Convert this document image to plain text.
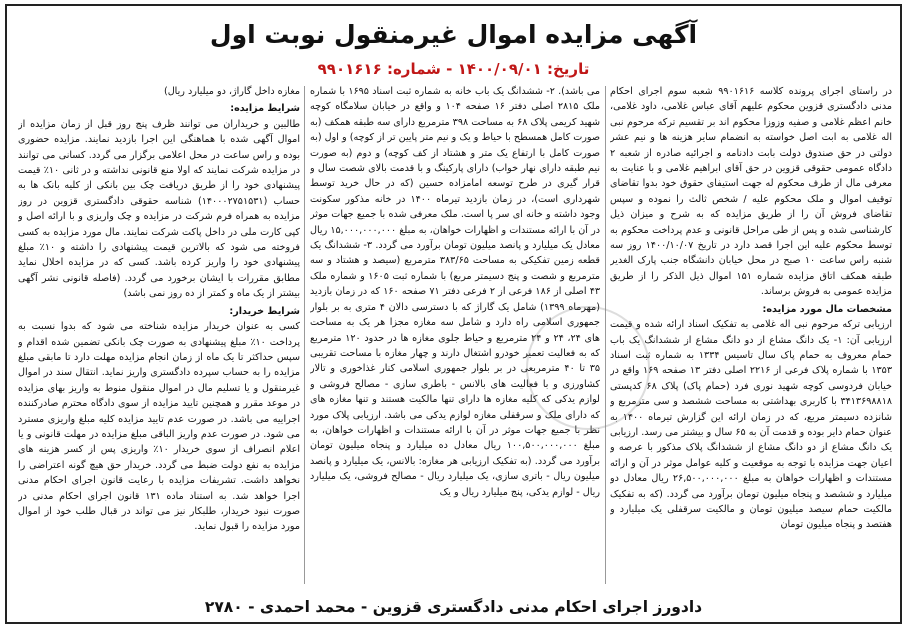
آگهی مزایده اموال غیرمنقول نوبت اول
تاریخ: ۱۴۰۰/۰۹/۰۱ - شماره: ۹۹۰۱۶۱۶

در راستای اجرای پرونده کلاسه ۹۹۰۱۶۱۶ شعبه سوم اجرای احکام مدنی دادگستری قزوین محکوم علیهم آقای عباس غلامی، داود غلامی، خانم اعظم غلامی و صفیه وزوزا محکوم اند بر تقسیم ترکه مرحوم نبی اله غلامی به ابت اصل خواسته به انضمام سایر هزینه ها و نیم عشر دولتی در حق صندوق دولت بابت دادنامه و اجرائیه صادره از شعبه ۲ دادگاه عمومی حقوقی قزوین در حق آقای ابراهیم غلامی و با عنایت به معرفی مال از طرف محکوم له جهت استیفای حقوق خود بدوا تقاضای توقیف اموال و ملک محکوم علیه / شخص ثالث را نموده و سپس تقاضای فروش آن را از طریق مزایده که به شرح و میزان ذیل کارشناسی شده و پس از طی مراحل قانونی و عدم پرداخت محکوم به توسط محکوم علیه این اجرا قصد دارد در تاریخ ۱۴۰۰/۱۰/۰۷ روز سه شنبه راس ساعت ۱۰ صبح در محل خیابان دانشگاه جنب پارک الغدیر طبقه همکف اتاق مزایده شماره ۱۵۱ اموال ذیل الذکر را از طریق مزایده عمومی به فروش برساند.

مشخصات مال مورد مزایده:

ارزیابی ترکه مرحوم نبی اله غلامی به تفکیک اسناد ارائه شده و قیمت ارزیابی آن: ۱- یک دانگ مشاع از دو دانگ مشاع از ششدانگ یک باب حمام معروف به حمام پاک سال تاسیس ۱۳۳۴ به شماره ثبت اسناد ۱۳۵۳ با شماره پلاک فرعی از ۲۲۱۶ اصلی دفتر ۱۳ صفحه ۱۶۹ واقع در خیابان فردوسی کوچه شهید نوری فرد (حمام پاک) پلاک ۶۸ کدپستی ۳۴۱۳۶۹۸۸۱۸ با کاربری بهداشتی به مساحت ششصد و سی مترمربع و شانزده دسیمتر مربع، که در زمان ارائه این گزارش تیرماه ۱۴۰۰ به عنوان حمام دایر بوده و قدمت آن به ۶۵ سال و بیشتر می رسد. ارزیابی یک دانگ مشاع از دو دانگ مشاع از ششدانگ پلاک مذکور با عرصه و اعیان جهت مزایده با توجه به موقعیت و کلیه عوامل موثر در آن و ارائه مستندات و اظهارات خواهان به مبلغ ۲۶,۵۰۰,۰۰۰,۰۰۰ ریال معادل دو میلیارد و ششصد و پنجاه میلیون تومان برآورد می گردد. (که به تفکیک مالکیت حمام سیصد میلیون تومان و مالکیت سرقفلی یک میلیارد و هفتصد و پنجاه میلیون تومان

می باشد). ۲- ششدانگ یک باب خانه به شماره ثبت اسناد ۱۶۹۵ با شماره ملک ۲۸۱۵ اصلی دفتر ۱۶ صفحه ۱۰۴ و واقع در خیابان سلامگاه کوچه شهید کریمی پلاک ۶۸ به مساحت ۳۹۸ مترمربع دارای سه طبقه همکف (به صورت کامل همسطح با حیاط و یک و نیم متر پایین تر از کوچه) و اول (به صورت کامل با ارتفاع یک متر و هشتاد از کف کوچه) و دوم (به صورت نیم طبقه دارای نهار خواب) دارای پارکینگ و با قدمت بالای شصت سال و قرار گیری در طرح توسعه امامزاده حسین (که در حال خرید توسط شهرداری است)، در زمان بازدید تیرماه ۱۴۰۰ در خانه مذکور سکونت وجود داشته و خانه ای سر پا است. ملک معرفی شده با جمیع جهات موثر در آن با ارائه مستندات و اظهارات خواهان، به مبلغ ۱۵,۰۰۰,۰۰۰,۰۰۰ ریال معادل یک میلیارد و پانصد میلیون تومان برآورد می گردد. ۳- ششدانگ یک قطعه زمین تفکیکی به مساحت ۳۸۳/۶۵ مترمربع (سیصد و هشتاد و سه مترمربع و شصت و پنج دسیمتر مربع) با شماره ثبت ۱۶۰۵ و شماره ملک ۴۳ اصلی از ۱۸۶ فرعی از ۲ فرعی دفتر ۷۱ صفحه ۱۶۰ که در زمان بازدید (مهرماه ۱۳۹۹) شامل یک گاراژ که با دسترسی دالان ۴ متری به بر بلوار جمهوری اسلامی راه دارد و شامل سه مغازه مجزا هر یک به مساحت های ۲۴، ۲۴ و ۲۴ مترمربع و حیاط جلوی مغازه ها در حدود ۱۲۰ مترمربع که به فعالیت تعمیر خودرو اشتغال دارند و چهار مغازه با مساحت تقریبی ۳۵ تا ۴۰ مترمربعی در بر بلوار جمهوری اسلامی کنار غذاخوری و تالار کشاورزی و با فعالیت های بالانس - باطری سازی - مصالح فروشی و لوازم یدکی که کلیه مغازه ها دارای تنها مالکیت هستند و تنها مغازه های که دارای ملک و سرقفلی مغازه لوازم یدکی می باشد. ارزیابی پلاک مورد نظر با جمیع جهات موثر در آن با ارائه مستندات و اظهارات خواهان، به مبلغ ۱۰۰,۵۰۰,۰۰۰,۰۰۰ ریال معادل ده میلیارد و پنجاه میلیون تومان برآورد می گردد. (به تفکیک ارزیابی هر مغازه: بالانس، یک میلیارد و پانصد میلیون ریال - باتری سازی، یک میلیارد ریال - مصالح فروشی، یک میلیارد ریال - لوازم یدکی، پنج میلیارد ریال و یک

مغازه داخل گاراژ، دو میلیارد ریال)

شرایط مزایده:

طالبین و خریداران می توانند ظرف پنج روز قبل از زمان مزایده از اموال آگهی شده با هماهنگی این اجرا بازدید نمایند. مزایده حضوری بوده و راس ساعت در محل اعلامی برگزار می گردد. کسانی می توانند در مزایده شرکت نمایند که اولا منع قانونی نداشته و در ثانی ۱۰٪ قیمت پیشنهادی خود را از طریق دریافت چک بین بانکی از کلیه بانک ها به حساب (۱۴۰۰۰۲۷۵۱۵۳۱) شناسه حقوقی دادگستری قزوین در روز مزایده به همراه فرم شرکت در مزایده و چک واریزی و با ارائه اصل و کپی کارت ملی در داخل پاکت شرکت نمایند. مال مورد مزایده به کسی فروخته می شود که بالاترین قیمت پیشنهادی را داشته و ۱۰٪ مبلغ پیشنهادی خود را واریز کرده باشد. کسی که در مزایده اخلال نماید مطابق مقررات با ایشان برخورد می گردد. (فاصله قانونی نشر آگهی بیشتر از یک ماه و کمتر از ده روز نمی باشد)

شرایط خریدار:

کسی به عنوان خریدار مزایده شناخته می شود که بدوا نسبت به پرداخت ۱۰٪ مبلغ پیشنهادی به صورت چک بانکی تضمین شده اقدام و سپس حداکثر تا یک ماه از زمان انجام مزایده مهلت دارد تا مابقی مبلغ مزایده را به حساب سپرده دادگستری واریز نماید. انتقال سند در اموال غیرمنقول و یا تسلیم مال در اموال منقول منوط به واریز بهای مزایده در موعد مقرر و همچنین تایید مزایده از سوی دادگاه محترم صادرکننده اجراییه می باشد. در صورت عدم تایید مزایده کلیه مبلغ واریزی مسترد می شود. در صورت عدم واریز الباقی مبلغ مزایده در مهلت قانونی و یا اعلام انصراف از سوی خریدار ۱۰٪ واریزی پس از کسر هزینه های مزایده به نفع دولت ضبط می گردد. خریدار حق هیچ گونه اعتراضی را نخواهد داشت. تشریفات مزایده با رعایت قانون اجرای احکام مدنی اجرا خواهد شد. به استناد ماده ۱۳۱ قانون اجرای احکام مدنی در صورت نبود خریدار، طلبکار نیز می تواند در قبال طلب خود از اموال مورد مزایده را قبول نماید.

دادورز اجرای احکام مدنی دادگستری قزوین - محمد احمدی - ۲۷۸۰
